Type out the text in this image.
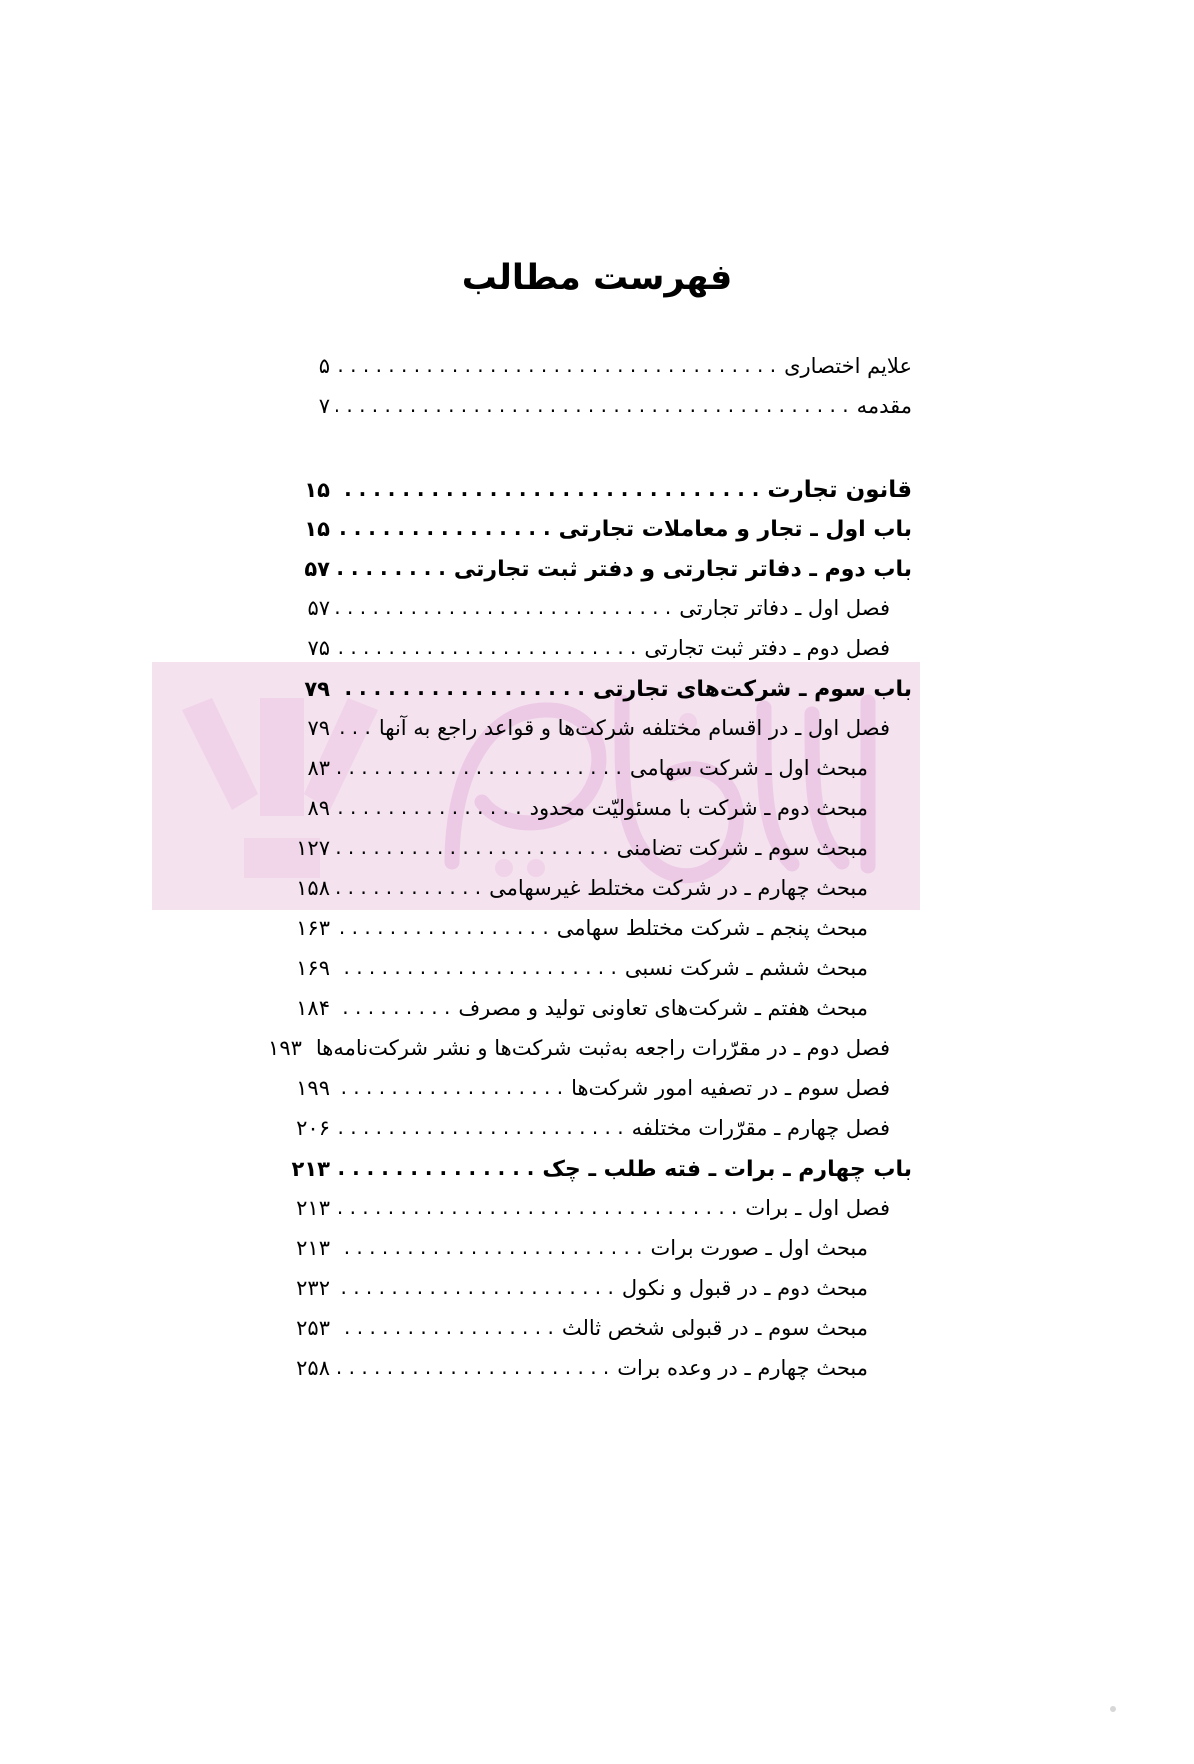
فهرست مطالب
علایم اختصاری
. . .
۵
مقدمه
. . .
۷
قانون تجارت
. . .
۱۵
باب اول ـ تجار و معاملات تجارتی
. . .
۱۵
باب دوم ـ دفاتر تجارتی و دفتر ثبت تجارتی
. . .
۵۷
فصل اول ـ دفاتر تجارتی
. . .
۵۷
فصل دوم ـ دفتر ثبت تجارتی
. . .
۷۵
باب سوم ـ شرکت‌های تجارتی
. . .
۷۹
فصل اول ـ در اقسام مختلفه شرکت‌ها و قواعد راجع به آنها
. . .
۷۹
مبحث اول ـ شرکت سهامی
. . .
۸۳
مبحث دوم ـ شرکت با مسئولیّت محدود
. . .
۸۹
مبحث سوم ـ شرکت تضامنی
. . .
۱۲۷
مبحث چهارم ـ در شرکت مختلط غیرسهامی
. . .
۱۵۸
مبحث پنجم ـ شرکت مختلط سهامی
. . .
۱۶۳
مبحث ششم ـ شرکت نسبی
. . .
۱۶۹
مبحث هفتم ـ شرکت‌های تعاونی تولید و مصرف
. . .
۱۸۴
فصل دوم ـ در مقرّرات راجعه به‌ثبت شرکت‌ها و نشر شرکت‌نامه‌ها
۱۹۳
فصل سوم ـ در تصفیه امور شرکت‌ها
. . .
۱۹۹
فصل چهارم ـ مقرّرات مختلفه
. . .
۲۰۶
باب چهارم ـ برات ـ فته طلب ـ چک
. . .
۲۱۳
فصل اول ـ برات
. . .
۲۱۳
مبحث اول ـ صورت برات
. . .
۲۱۳
مبحث دوم ـ در قبول و نکول
. . .
۲۳۲
مبحث سوم ـ در قبولی شخص ثالث
. . .
۲۵۳
مبحث چهارم ـ در وعده برات
. . .
۲۵۸
